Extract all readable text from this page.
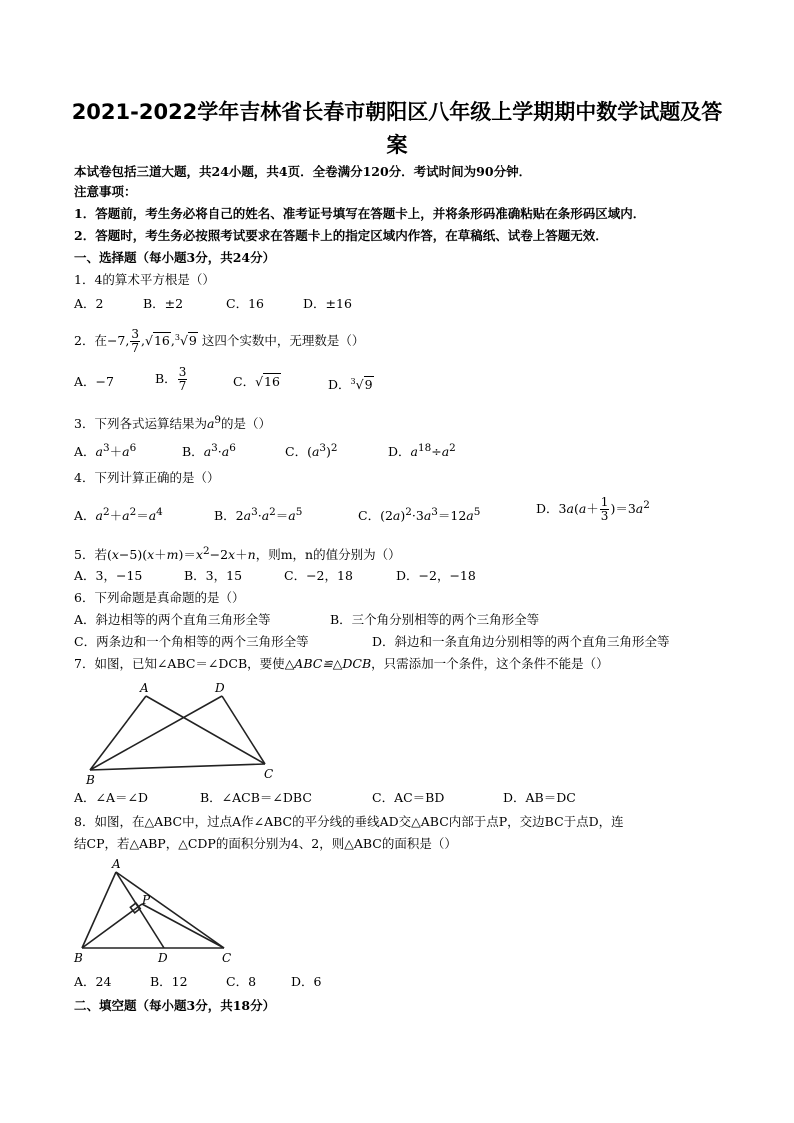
2021-2022学年吉林省长春市朝阳区八年级上学期期中数学试题及答
案
本试卷包括三道大题，共24小题，共4页．全卷满分120分．考试时间为90分钟．
注意事项：
1．答题前，考生务必将自己的姓名、准考证号填写在答题卡上，并将条形码准确粘贴在条形码区域内．
2．答题时，考生务必按照考试要求在答题卡上的指定区域内作答，在草稿纸、试卷上答题无效．
一、选择题（每小题3分，共24分）
1．4的算术平方根是（）
A．2	B．±2	C．16	D．±16
2．在−7, $\frac{3}{7} ,√16,^3√9$ 这四个实数中，无理数是（）
A．−7	B． $\frac{3}{7}$	C．√16	D．$^3$√9
3．下列各式运算结果为$a^9$的是（）
A．$a^3+a^6$	B．$a^3\cdot a^6$	C．$(a^3)^2$	D．$a^{18}\div a^2$
4．下列计算正确的是（）
A．$a^2+a^2=a^4$	B．$2a^3\cdot a^2=a^5$	C．$(2a)^2\cdot 3a^3=12a^5$	D．$3a(a+ \frac{1}{3} )=3a^2$
5．若$(x-5)(x+m)=x^2-2x+n$，则m，n的值分别为（）
A．3，−15	B．3，15	C．−2，18	D．−2，−18
6．下列命题是真命题的是（）
A．斜边相等的两个直角三角形全等	B．三个角分别相等的两个三角形全等
C．两条边和一个角相等的两个三角形全等	D．斜边和一条直角边分别相等的两个直角三角形全等
7．如图，已知∠ABC＝∠DCB，要使△ABC≌△DCB，只需添加一个条件，这个条件不能是（）
A	D
B	C
A．∠A＝∠D	B．∠ACB＝∠DBC	C．AC＝BD	D．AB＝DC
8．如图，在△ABC中，过点A作∠ABC的平分线的垂线AD交△ABC内部于点P，交边BC于点D，连
结CP，若△ABP，△CDP的面积分别为4、2，则△ABC的面积是（）
A
P
B	D	C
A．24	B．12	C．8	D．6
二、填空题（每小题3分，共18分）
